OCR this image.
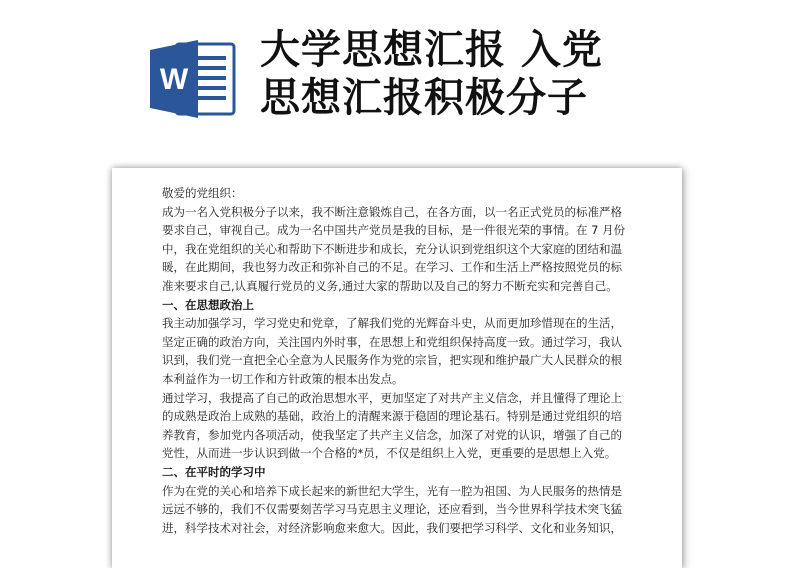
W
大学思想汇报 入党
思想汇报积极分子
敬爱的党组织：
成为一名入党积极分子以来，我不断注意锻炼自己，在各方面，以一名正式党员的标准严格
要求自己，审视自己。成为一名中国共产党员是我的目标，是一件很光荣的事情。在 7 月份
中，我在党组织的关心和帮助下不断进步和成长，充分认识到党组织这个大家庭的团结和温
暖，在此期间，我也努力改正和弥补自己的不足。在学习、工作和生活上严格按照党员的标
准来要求自己,认真履行党员的义务,通过大家的帮助以及自己的努力不断充实和完善自己。
一、在思想政治上
我主动加强学习，学习党史和党章，了解我们党的光辉奋斗史，从而更加珍惜现在的生活，
坚定正确的政治方向，关注国内外时事，在思想上和党组织保持高度一致。通过学习，我认
识到，我们党一直把全心全意为人民服务作为党的宗旨，把实现和维护最广大人民群众的根
本利益作为一切工作和方针政策的根本出发点。
通过学习，我提高了自己的政治思想水平，更加坚定了对共产主义信念，并且懂得了理论上
的成熟是政治上成熟的基础，政治上的清醒来源于稳固的理论基石。特别是通过党组织的培
养教育，参加党内各项活动，使我坚定了共产主义信念，加深了对党的认识，增强了自己的
党性，从而进一步认识到做一个合格的*员，不仅是组织上入党，更重要的是思想上入党。
二、在平时的学习中
作为在党的关心和培养下成长起来的新世纪大学生，光有一腔为祖国、为人民服务的热情是
远远不够的，我们不仅需要刻苦学习马克思主义理论，还应看到，当今世界科学技术突飞猛
进，科学技术对社会，对经济影响愈来愈大。因此，我们要把学习科学、文化和业务知识，
